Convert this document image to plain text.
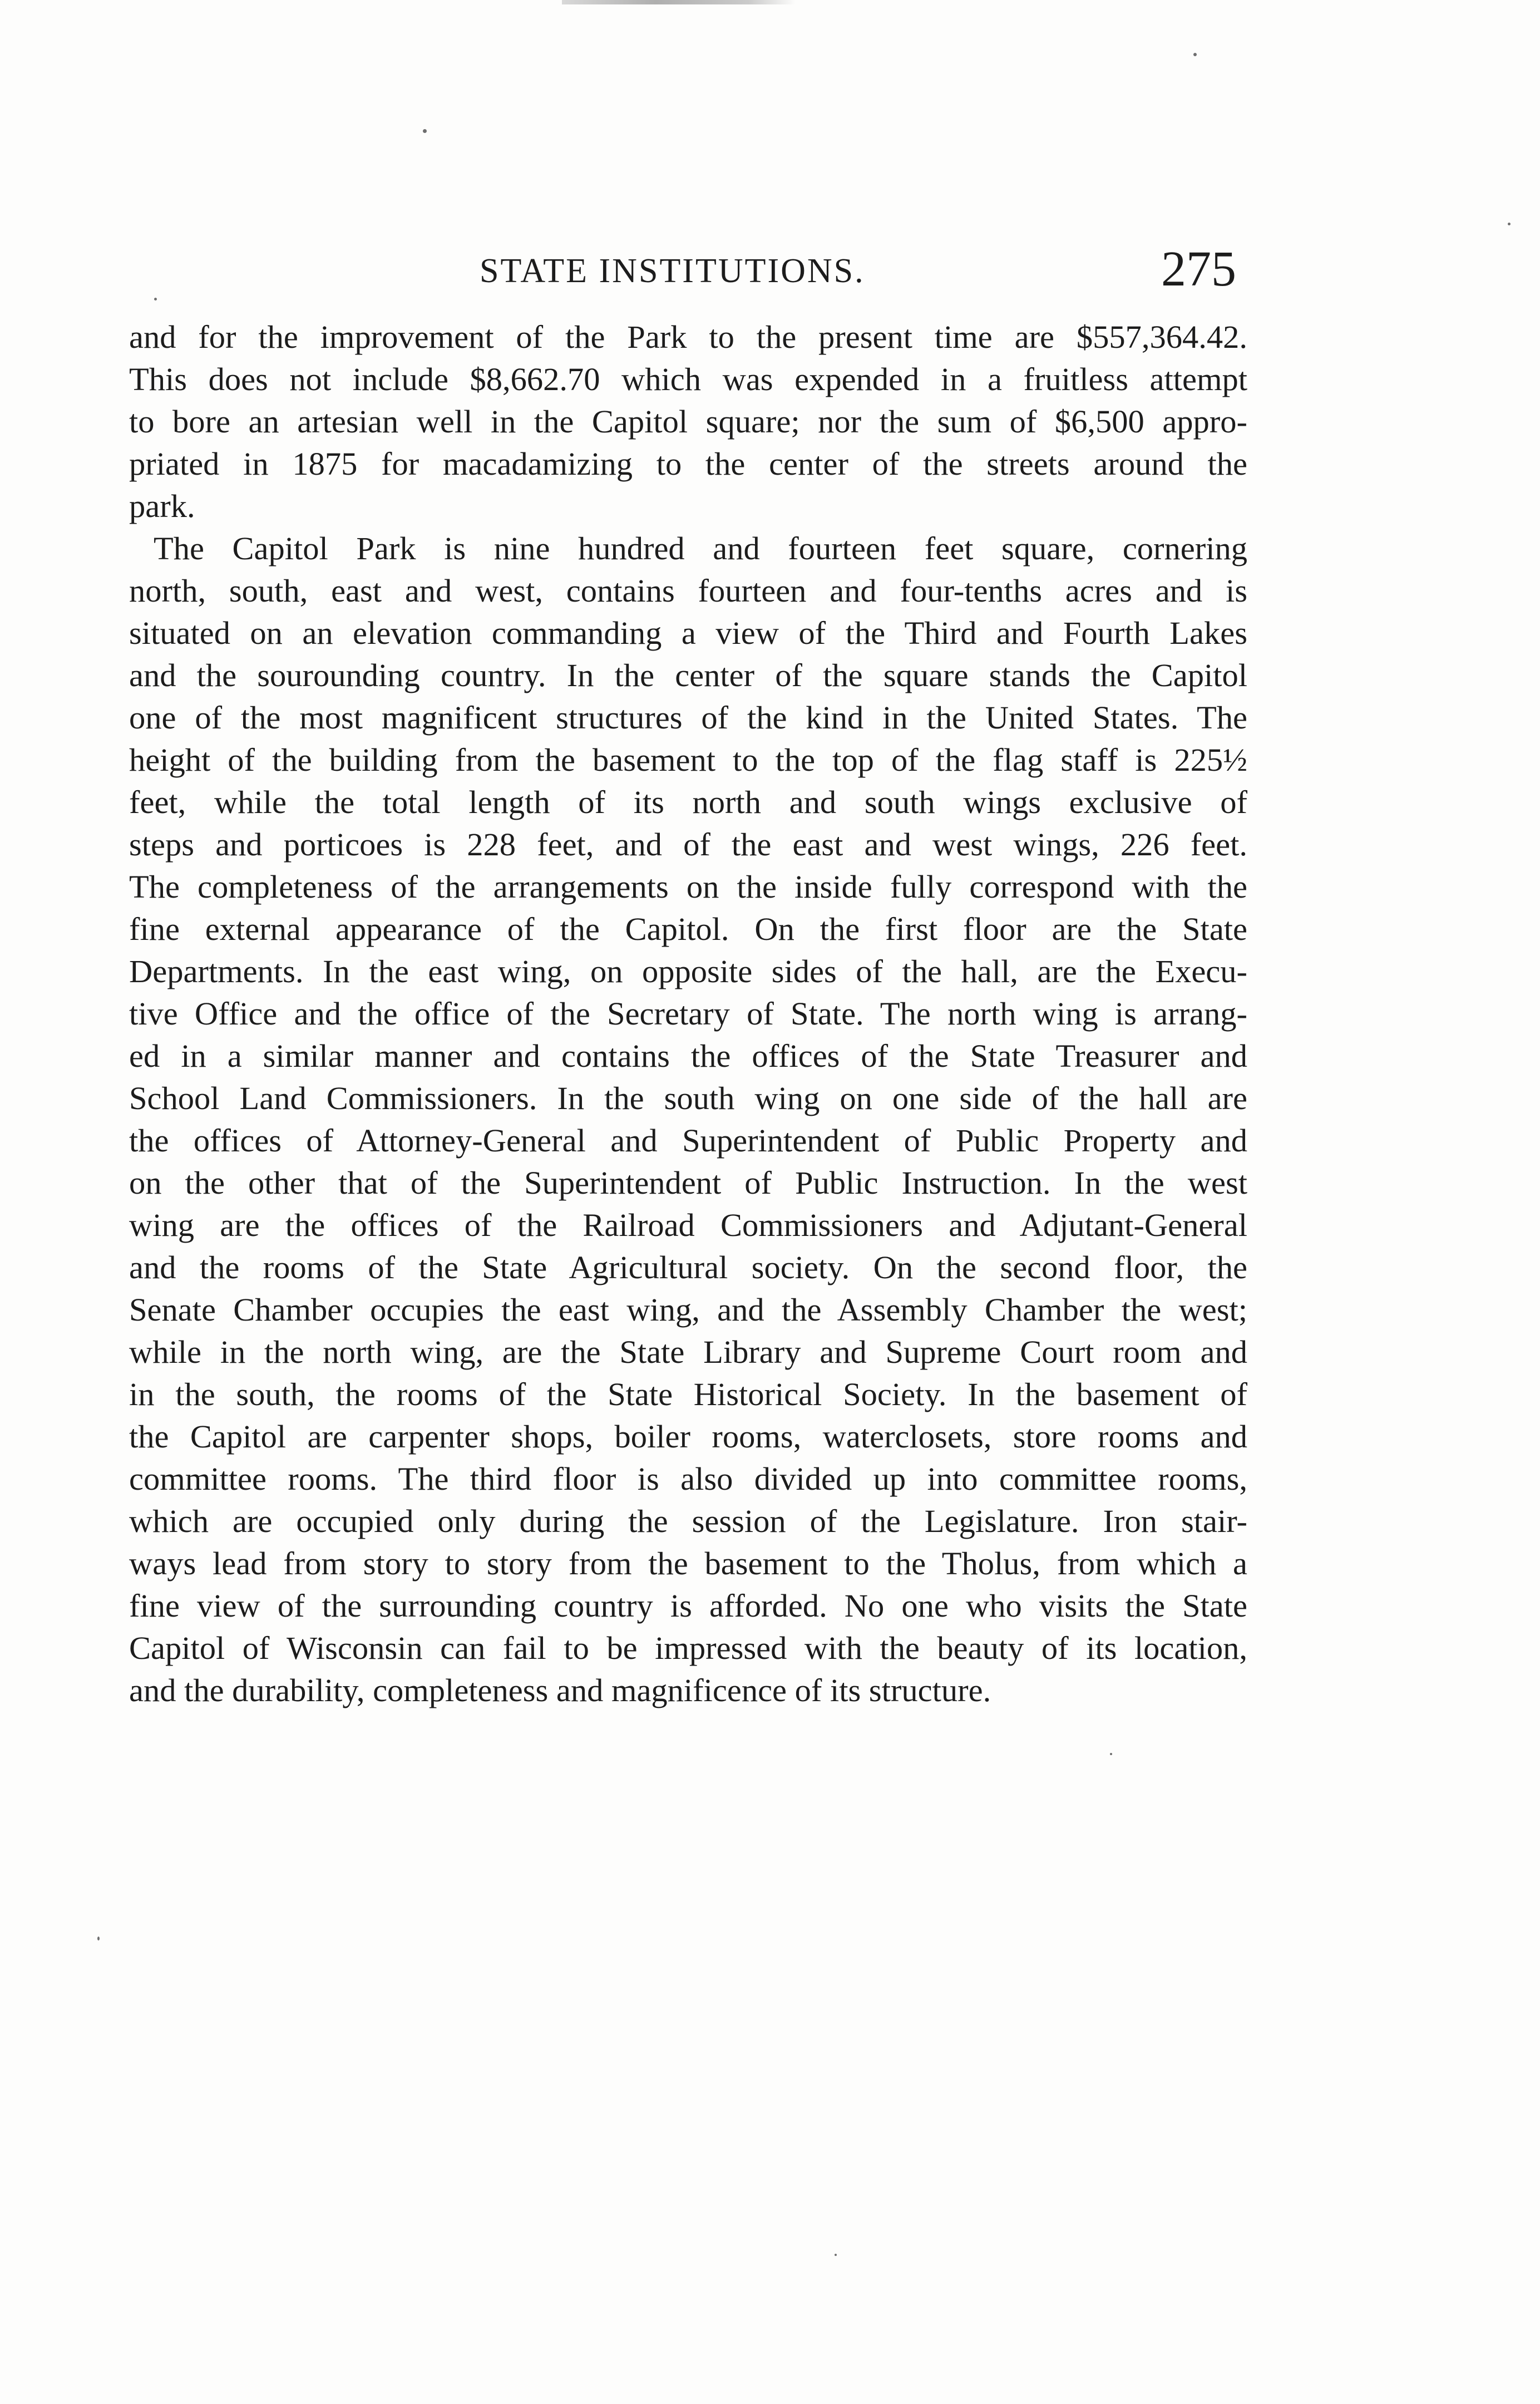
STATE INSTITUTIONS.	275
and for the improvement of the Park to the present time are $557,364.42.
This does not include $8,662.70 which was expended in a fruitless attempt
to bore an artesian well in the Capitol square; nor the sum of $6,500 appro-
priated in 1875 for macadamizing to the center of the streets around the
park.
The Capitol Park is nine hundred and fourteen feet square, cornering
north, south, east and west, contains fourteen and four-tenths acres and is
situated on an elevation commanding a view of the Third and Fourth Lakes
and the sourounding country. In the center of the square stands the Capitol
one of the most magnificent structures of the kind in the United States. The
height of the building from the basement to the top of the flag staff is 225½
feet, while the total length of its north and south wings exclusive of
steps and porticoes is 228 feet, and of the east and west wings, 226 feet.
The completeness of the arrangements on the inside fully correspond with the
fine external appearance of the Capitol. On the first floor are the State
Departments. In the east wing, on opposite sides of the hall, are the Execu-
tive Office and the office of the Secretary of State. The north wing is arrang-
ed in a similar manner and contains the offices of the State Treasurer and
School Land Commissioners. In the south wing on one side of the hall are
the offices of Attorney-General and Superintendent of Public Property and
on the other that of the Superintendent of Public Instruction. In the west
wing are the offices of the Railroad Commissioners and Adjutant-General
and the rooms of the State Agricultural society. On the second floor, the
Senate Chamber occupies the east wing, and the Assembly Chamber the west;
while in the north wing, are the State Library and Supreme Court room and
in the south, the rooms of the State Historical Society. In the basement of
the Capitol are carpenter shops, boiler rooms, waterclosets, store rooms and
committee rooms. The third floor is also divided up into committee rooms,
which are occupied only during the session of the Legislature. Iron stair-
ways lead from story to story from the basement to the Tholus, from which a
fine view of the surrounding country is afforded. No one who visits the State
Capitol of Wisconsin can fail to be impressed with the beauty of its location,
and the durability, completeness and magnificence of its structure.
